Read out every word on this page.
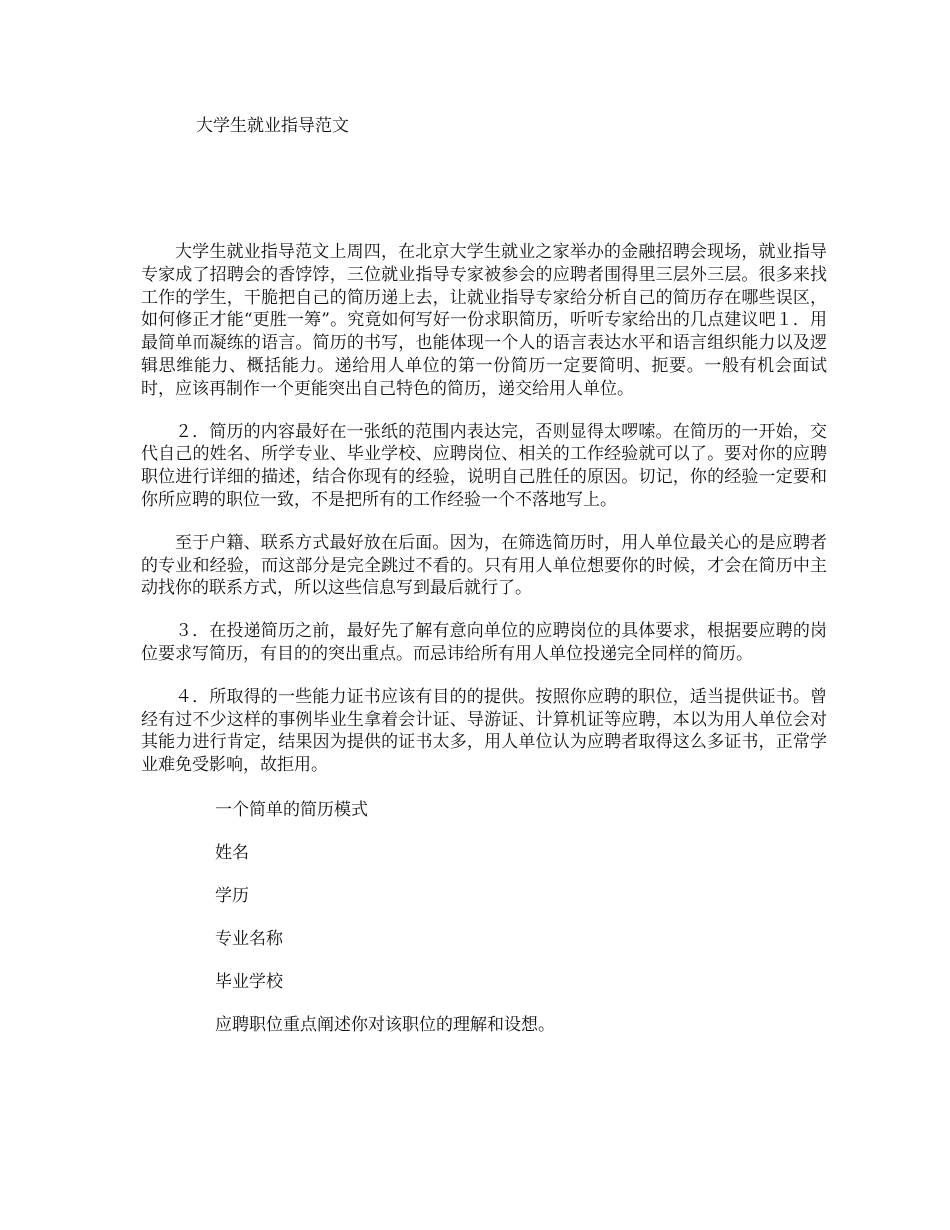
大学生就业指导范文

大学生就业指导范文上周四，在北京大学生就业之家举办的金融招聘会现场，就业指导专家成了招聘会的香饽饽，三位就业指导专家被参会的应聘者围得里三层外三层。很多来找工作的学生，干脆把自己的简历递上去，让就业指导专家给分析自己的简历存在哪些误区，如何修正才能“更胜一筹”。究竟如何写好一份求职简历，听听专家给出的几点建议吧１．用最简单而凝练的语言。简历的书写，也能体现一个人的语言表达水平和语言组织能力以及逻辑思维能力、概括能力。递给用人单位的第一份简历一定要简明、扼要。一般有机会面试时，应该再制作一个更能突出自己特色的简历，递交给用人单位。

２．简历的内容最好在一张纸的范围内表达完，否则显得太啰嗦。在简历的一开始，交代自己的姓名、所学专业、毕业学校、应聘岗位、相关的工作经验就可以了。要对你的应聘职位进行详细的描述，结合你现有的经验，说明自己胜任的原因。切记，你的经验一定要和你所应聘的职位一致，不是把所有的工作经验一个不落地写上。

至于户籍、联系方式最好放在后面。因为，在筛选简历时，用人单位最关心的是应聘者的专业和经验，而这部分是完全跳过不看的。只有用人单位想要你的时候，才会在简历中主动找你的联系方式，所以这些信息写到最后就行了。

３．在投递简历之前，最好先了解有意向单位的应聘岗位的具体要求，根据要应聘的岗位要求写简历，有目的的突出重点。而忌讳给所有用人单位投递完全同样的简历。

４．所取得的一些能力证书应该有目的的提供。按照你应聘的职位，适当提供证书。曾经有过不少这样的事例毕业生拿着会计证、导游证、计算机证等应聘，本以为用人单位会对其能力进行肯定，结果因为提供的证书太多，用人单位认为应聘者取得这么多证书，正常学业难免受影响，故拒用。

一个简单的简历模式
姓名
学历
专业名称
毕业学校
应聘职位重点阐述你对该职位的理解和设想。
